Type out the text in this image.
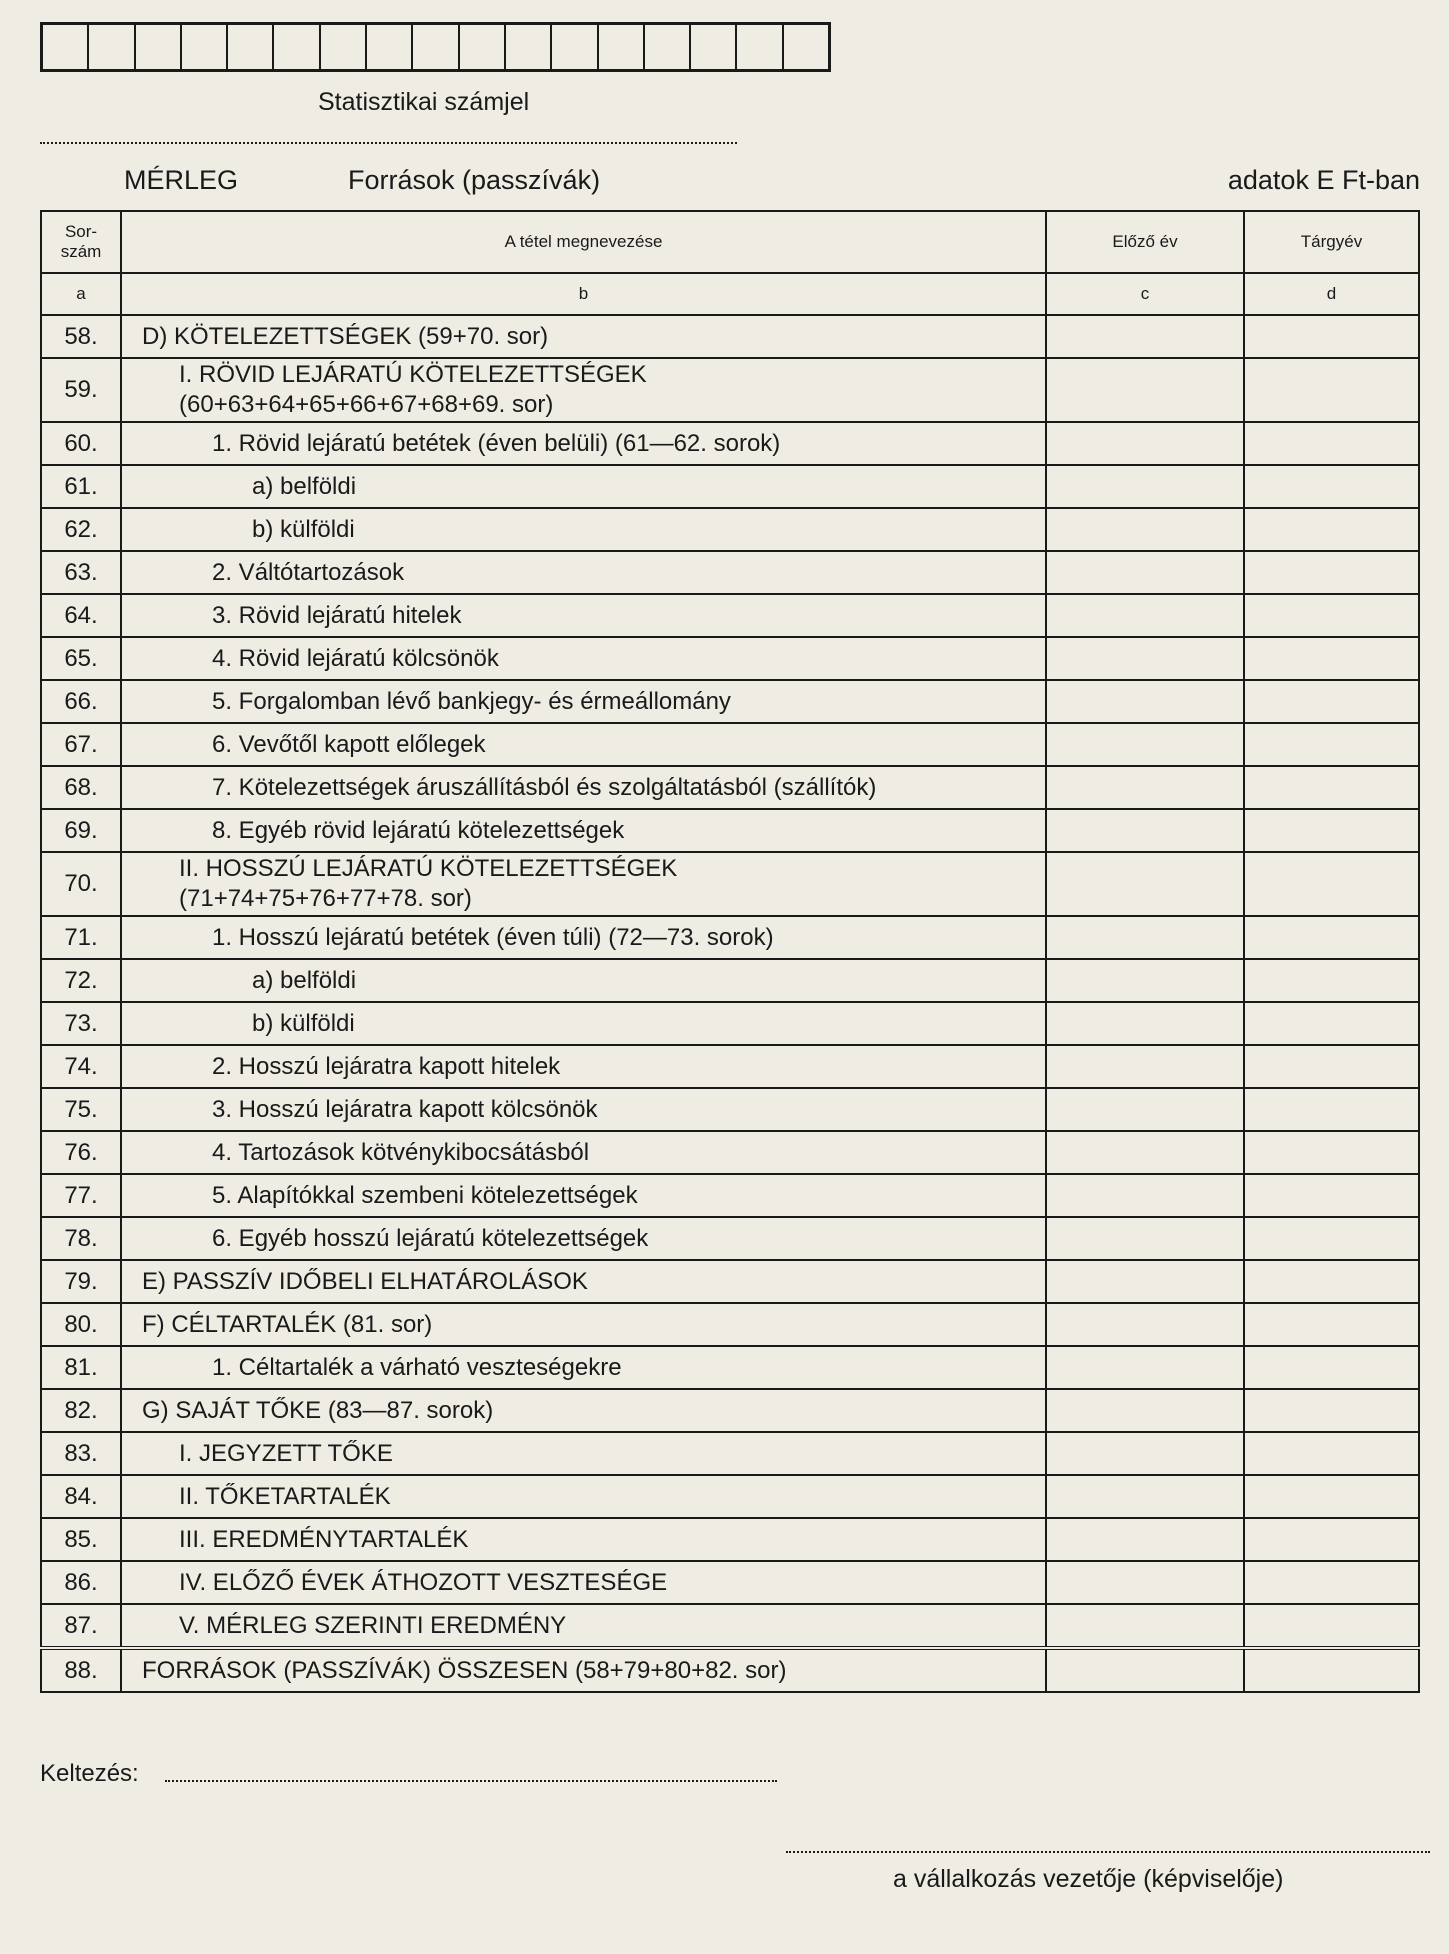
Statisztikai számjel
MÉRLEG	Források (passzívák)	adatok E Ft-ban
Sor-
szám	A tétel megnevezése	Előző év	Tárgyév
a	b	c	d
58.	D) KÖTELEZETTSÉGEK (59+70. sor)		
59.	I. RÖVID LEJÁRATÚ KÖTELEZETTSÉGEK
(60+63+64+65+66+67+68+69. sor)		
60.	1. Rövid lejáratú betétek (éven belüli) (61—62. sorok)		
61.	a) belföldi		
62.	b) külföldi		
63.	2. Váltótartozások		
64.	3. Rövid lejáratú hitelek		
65.	4. Rövid lejáratú kölcsönök		
66.	5. Forgalomban lévő bankjegy- és érmeállomány		
67.	6. Vevőtől kapott előlegek		
68.	7. Kötelezettségek áruszállításból és szolgáltatásból (szállítók)		
69.	8. Egyéb rövid lejáratú kötelezettségek		
70.	II. HOSSZÚ LEJÁRATÚ KÖTELEZETTSÉGEK
(71+74+75+76+77+78. sor)		
71.	1. Hosszú lejáratú betétek (éven túli) (72—73. sorok)		
72.	a) belföldi		
73.	b) külföldi		
74.	2. Hosszú lejáratra kapott hitelek		
75.	3. Hosszú lejáratra kapott kölcsönök		
76.	4. Tartozások kötvénykibocsátásból		
77.	5. Alapítókkal szembeni kötelezettségek		
78.	6. Egyéb hosszú lejáratú kötelezettségek		
79.	E) PASSZÍV IDŐBELI ELHATÁROLÁSOK		
80.	F) CÉLTARTALÉK (81. sor)		
81.	1. Céltartalék a várható veszteségekre		
82.	G) SAJÁT TŐKE (83—87. sorok)		
83.	I. JEGYZETT TŐKE		
84.	II. TŐKETARTALÉK		
85.	III. EREDMÉNYTARTALÉK		
86.	IV. ELŐZŐ ÉVEK ÁTHOZOTT VESZTESÉGE		
87.	V. MÉRLEG SZERINTI EREDMÉNY		
88.	FORRÁSOK (PASSZÍVÁK) ÖSSZESEN (58+79+80+82. sor)		
Keltezés:
a vállalkozás vezetője (képviselője)
